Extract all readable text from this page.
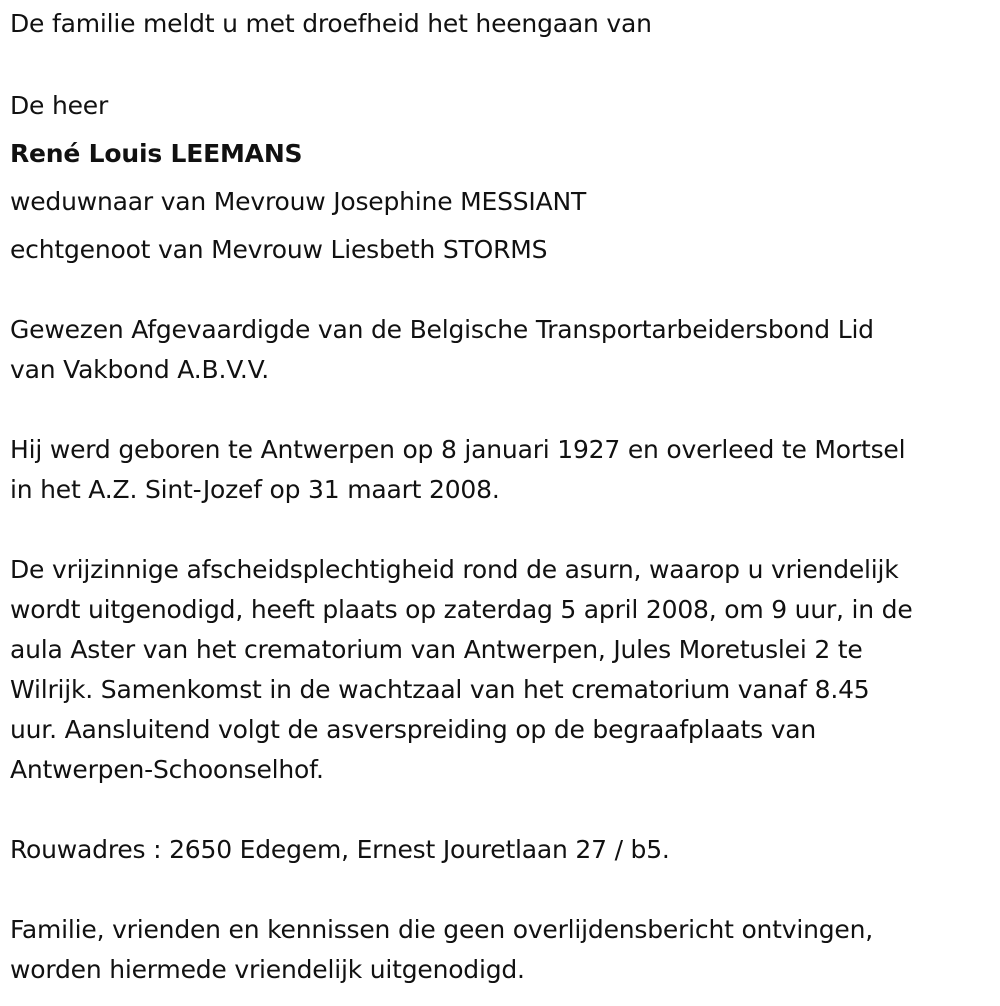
De familie meldt u met droefheid het heengaan van

De heer

René Louis LEEMANS

weduwnaar van Mevrouw Josephine MESSIANT

echtgenoot van Mevrouw Liesbeth STORMS

Gewezen Afgevaardigde van de Belgische Transportarbeidersbond Lid

van Vakbond A.B.V.V.

Hij werd geboren te Antwerpen op 8 januari 1927 en overleed te Mortsel

in het A.Z. Sint-Jozef op 31 maart 2008.

De vrijzinnige afscheidsplechtigheid rond de asurn, waarop u vriendelijk

wordt uitgenodigd, heeft plaats op zaterdag 5 april 2008, om 9 uur, in de

aula Aster van het crematorium van Antwerpen, Jules Moretuslei 2 te

Wilrijk. Samenkomst in de wachtzaal van het crematorium vanaf 8.45

uur. Aansluitend volgt de asverspreiding op de begraafplaats van

Antwerpen-Schoonselhof.

Rouwadres : 2650 Edegem, Ernest Jouretlaan 27 / b5.

Familie, vrienden en kennissen die geen overlijdensbericht ontvingen,

worden hiermede vriendelijk uitgenodigd.
